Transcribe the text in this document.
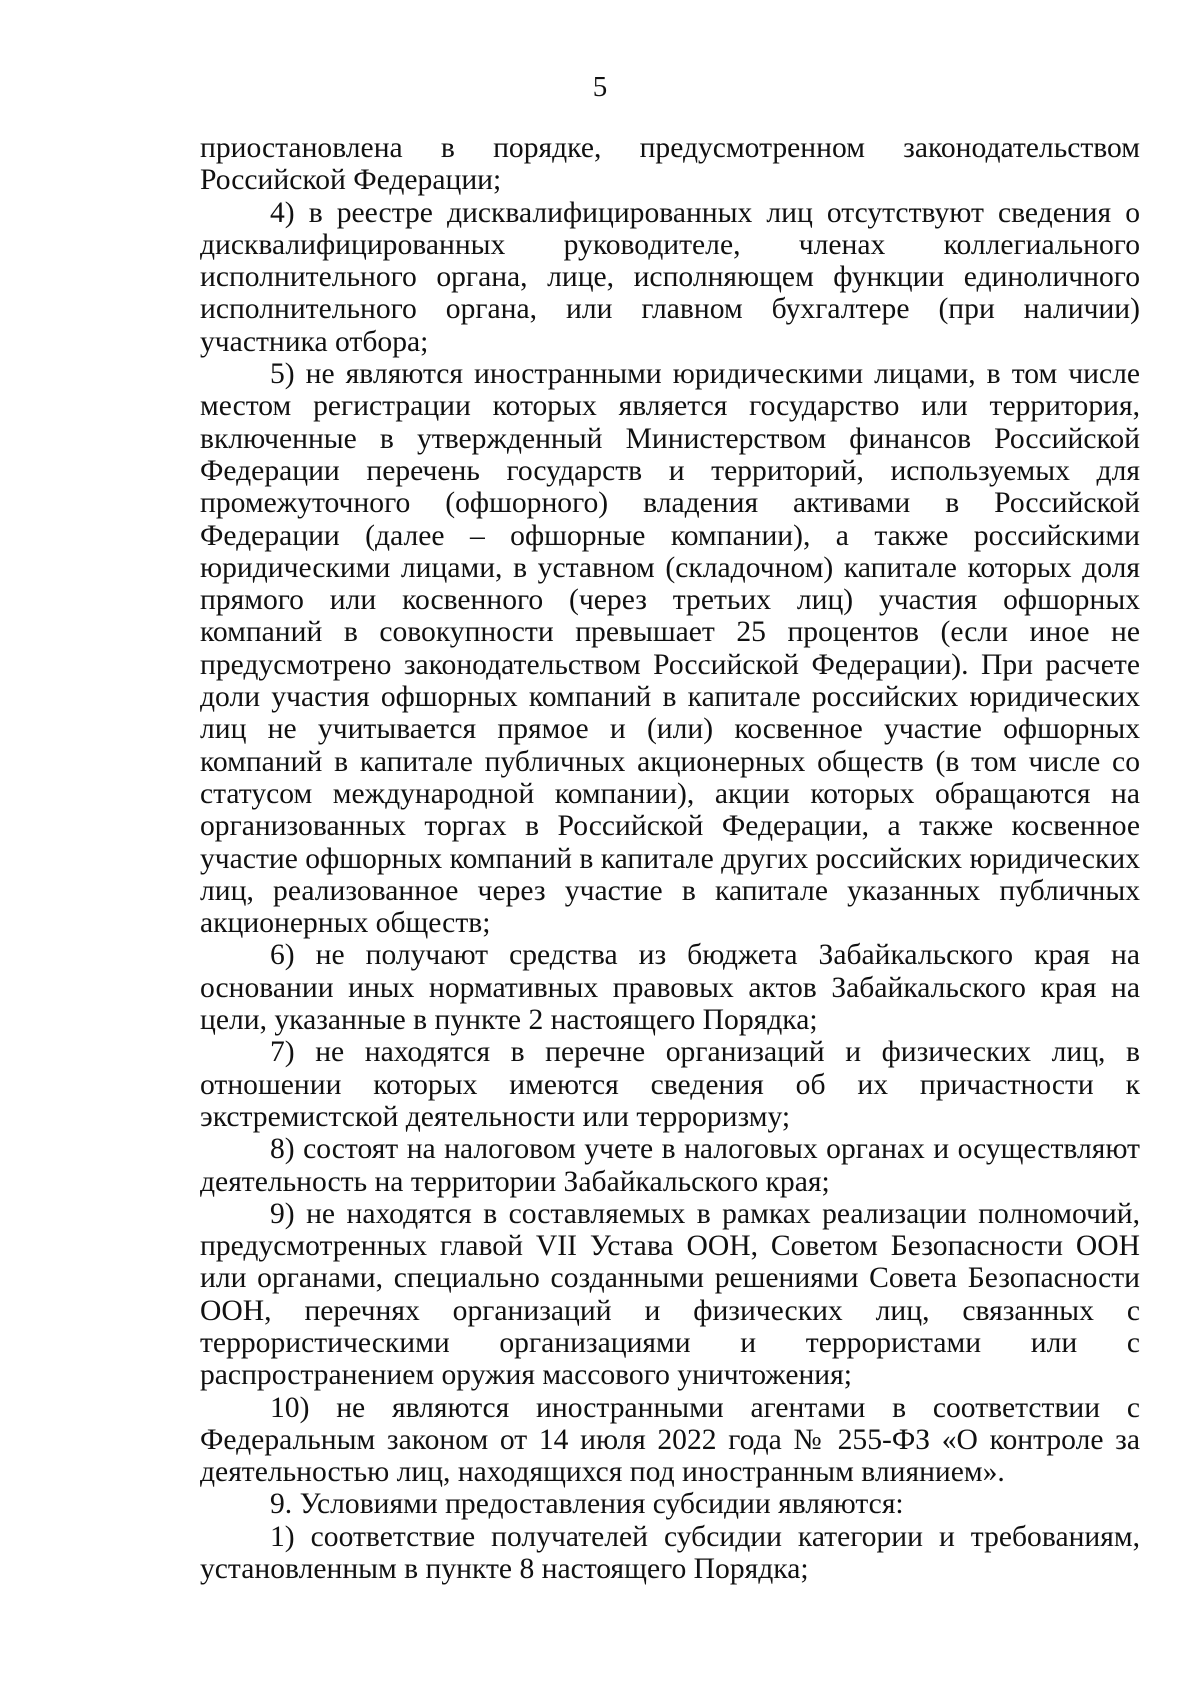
5

приостановлена в порядке, предусмотренном законодательством Российской Федерации;

4) в реестре дисквалифицированных лиц отсутствуют сведения о дисквалифицированных руководителе, членах коллегиального исполнительного органа, лице, исполняющем функции единоличного исполнительного органа, или главном бухгалтере (при наличии) участника отбора;

5) не являются иностранными юридическими лицами, в том числе местом регистрации которых является государство или территория, включенные в утвержденный Министерством финансов Российской Федерации перечень государств и территорий, используемых для промежуточного (офшорного) владения активами в Российской Федерации (далее – офшорные компании), а также российскими юридическими лицами, в уставном (складочном) капитале которых доля прямого или косвенного (через третьих лиц) участия офшорных компаний в совокупности превышает 25 процентов (если иное не предусмотрено законодательством Российской Федерации). При расчете доли участия офшорных компаний в капитале российских юридических лиц не учитывается прямое и (или) косвенное участие офшорных компаний в капитале публичных акционерных обществ (в том числе со статусом международной компании), акции которых обращаются на организованных торгах в Российской Федерации, а также косвенное участие офшорных компаний в капитале других российских юридических лиц, реализованное через участие в капитале указанных публичных акционерных обществ;

6) не получают средства из бюджета Забайкальского края на основании иных нормативных правовых актов Забайкальского края на цели, указанные в пункте 2 настоящего Порядка;

7) не находятся в перечне организаций и физических лиц, в отношении которых имеются сведения об их причастности к экстремистской деятельности или терроризму;

8) состоят на налоговом учете в налоговых органах и осуществляют деятельность на территории Забайкальского края;

9) не находятся в составляемых в рамках реализации полномочий, предусмотренных главой VII Устава ООН, Советом Безопасности ООН или органами, специально созданными решениями Совета Безопасности ООН, перечнях организаций и физических лиц, связанных с террористическими организациями и террористами или с распространением оружия массового уничтожения;

10) не являются иностранными агентами в соответствии с Федеральным законом от 14 июля 2022 года № 255-ФЗ «О контроле за деятельностью лиц, находящихся под иностранным влиянием».

9. Условиями предоставления субсидии являются:

1) соответствие получателей субсидии категории и требованиям, установленным в пункте 8 настоящего Порядка;
